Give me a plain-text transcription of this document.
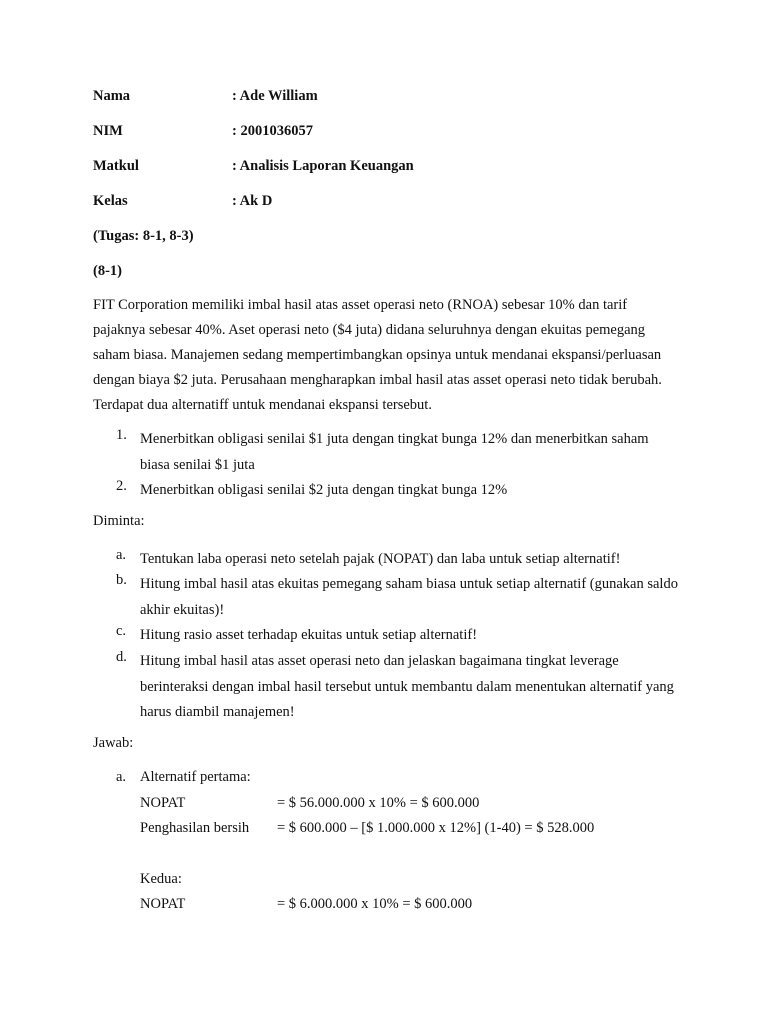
Nama	: Ade William
NIM	: 2001036057
Matkul	: Analisis Laporan Keuangan
Kelas	: Ak D
(Tugas: 8-1, 8-3)
(8-1)
FIT Corporation memiliki imbal hasil atas asset operasi neto (RNOA) sebesar 10% dan tarif pajaknya sebesar 40%. Aset operasi neto ($4 juta) didana seluruhnya dengan ekuitas pemegang saham biasa. Manajemen sedang mempertimbangkan opsinya untuk mendanai ekspansi/perluasan dengan biaya $2 juta. Perusahaan mengharapkan imbal hasil atas asset operasi neto tidak berubah. Terdapat dua alternatiff untuk mendanai ekspansi tersebut.
1. Menerbitkan obligasi senilai $1 juta dengan tingkat bunga 12% dan menerbitkan saham biasa senilai $1 juta
2. Menerbitkan obligasi senilai $2 juta dengan tingkat bunga 12%
Diminta:
a. Tentukan laba operasi neto setelah pajak (NOPAT) dan laba untuk setiap alternatif!
b. Hitung imbal hasil atas ekuitas pemegang saham biasa untuk setiap alternatif (gunakan saldo akhir ekuitas)!
c. Hitung rasio asset terhadap ekuitas untuk setiap alternatif!
d. Hitung imbal hasil atas asset operasi neto dan jelaskan bagaimana tingkat leverage berinteraksi dengan imbal hasil tersebut untuk membantu dalam menentukan alternatif yang harus diambil manajemen!
Jawab:
a. Alternatif pertama:
NOPAT	= $ 56.000.000 x 10% = $ 600.000
Penghasilan bersih = $ 600.000 – [$ 1.000.000 x 12%] (1-40) = $ 528.000
Kedua:
NOPAT	= $ 6.000.000 x 10% = $ 600.000
